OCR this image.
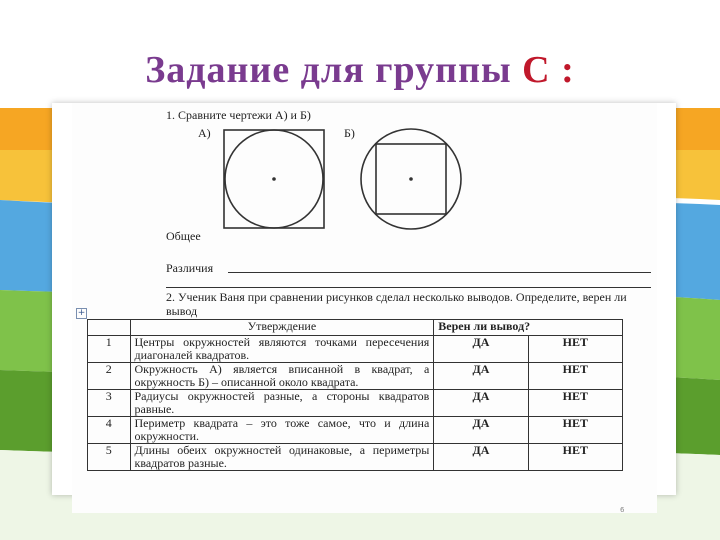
Задание для группы С :
1. Сравните чертежи А) и Б)
А)	Б)
Общее
Различия
2. Ученик Ваня при сравнении рисунков сделал несколько выводов. Определите, верен ли вывод
+
	Утверждение	Верен ли вывод?	
1	Центры окружностей являются точками пересечения диагоналей квадратов.	ДА	НЕТ
2	Окружность А) является вписанной в квадрат, а окружность Б) – описанной около квадрата.	ДА	НЕТ
3	Радиусы окружностей разные, а стороны квадратов равные.	ДА	НЕТ
4	Периметр квадрата – это тоже самое, что и длина окружности.	ДА	НЕТ
5	Длины обеих окружностей одинаковые, а периметры квадратов разные.	ДА	НЕТ
6
